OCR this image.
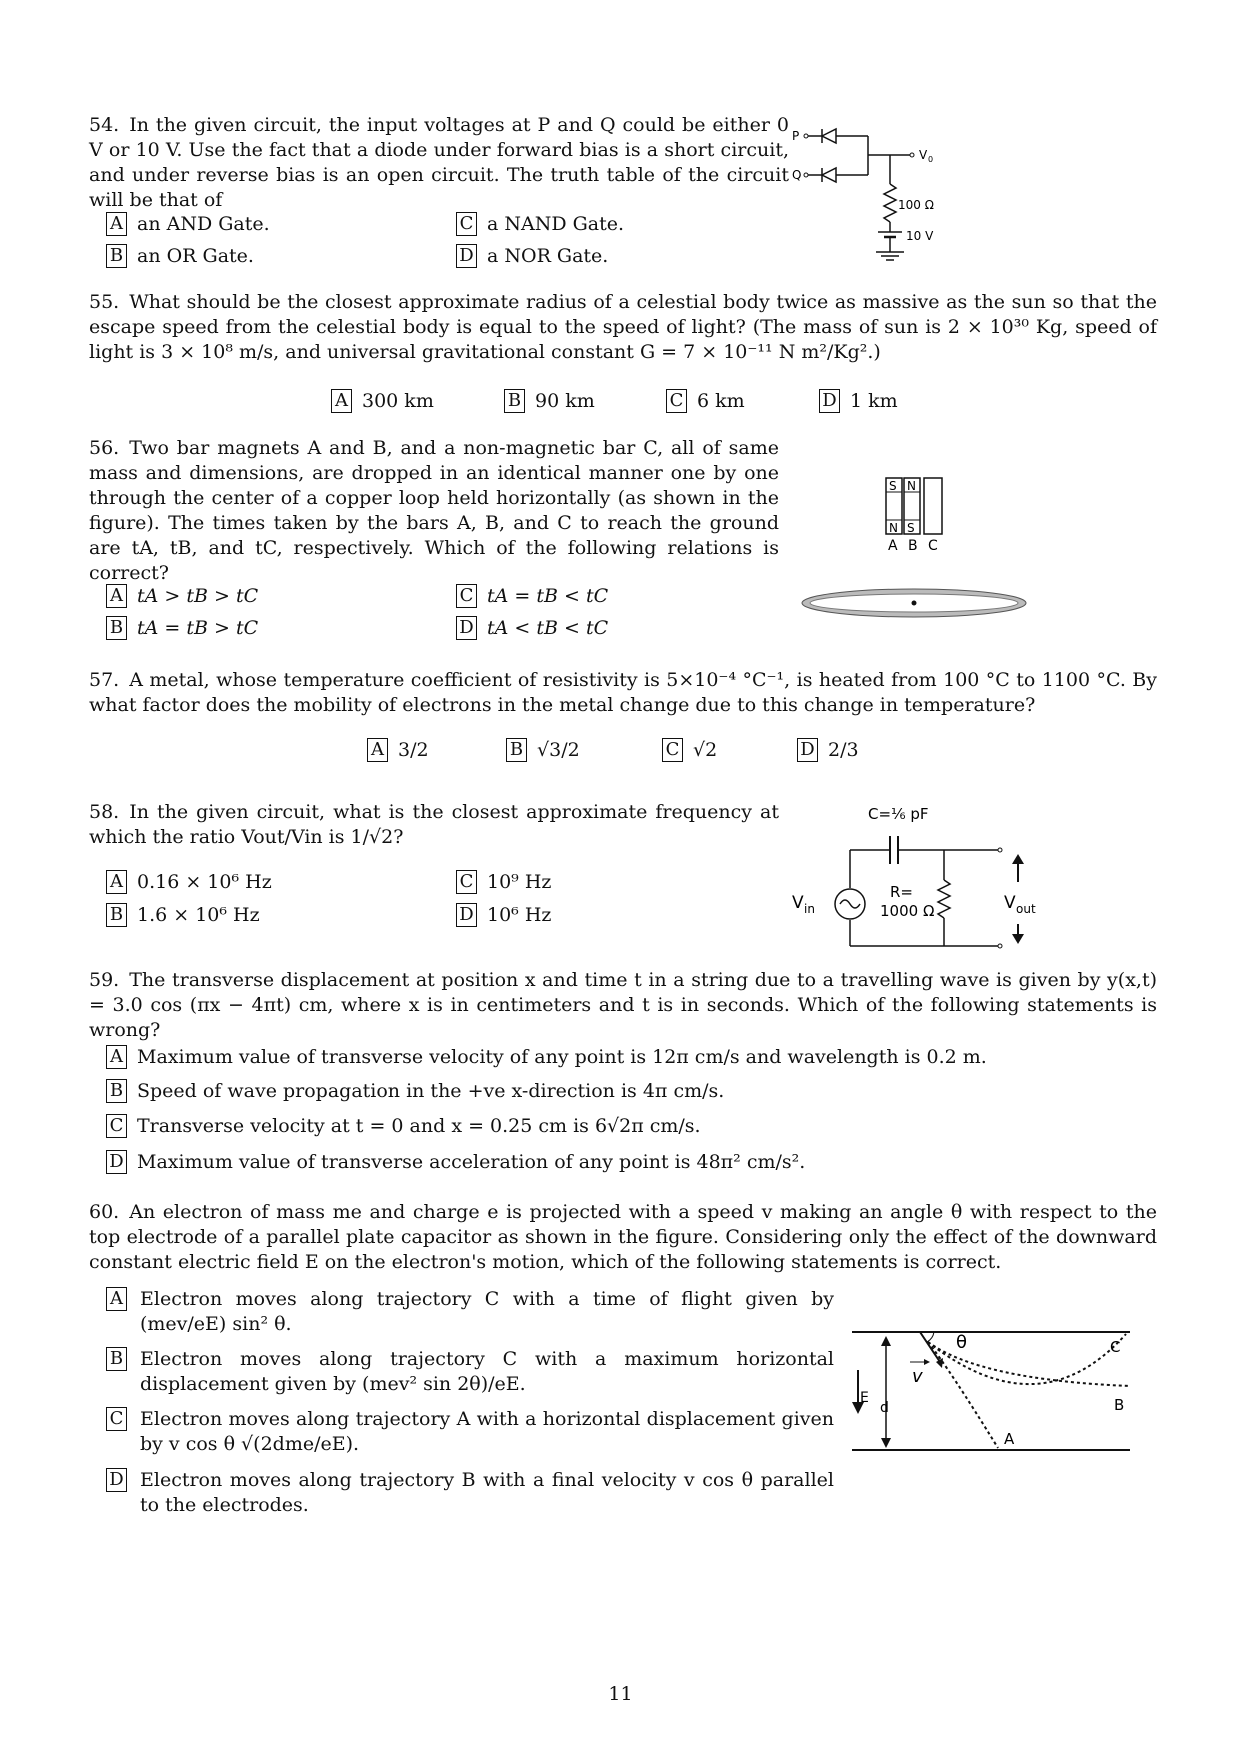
54. In the given circuit, the input voltages at P and Q could be either 0 V or 10 V. Use the fact that a diode under forward bias is a short circuit, and under reverse bias is an open circuit. The truth table of the circuit will be that of

A an AND Gate.
B an OR Gate.
C a NAND Gate.
D a NOR Gate.
P
Q
V 0
100 Ω
10 V

55. What should be the closest approximate radius of a celestial body twice as massive as the sun so that the escape speed from the celestial body is equal to the speed of light? (The mass of sun is 2 × 10³⁰ Kg, speed of light is 3 × 10⁸ m/s, and universal gravitational constant G = 7 × 10⁻¹¹ N m²/Kg².)

A 300 km	B 90 km	C 6 km	D 1 km

56. Two bar magnets A and B, and a non-magnetic bar C, all of same mass and dimensions, are dropped in an identical manner one by one through the center of a copper loop held horizontally (as shown in the figure). The times taken by the bars A, B, and C to reach the ground are tA, tB, and tC, respectively. Which of the following relations is correct?

A tA > tB > tC
B tA = tB > tC
C tA = tB < tC
D tA < tB < tC
S
N
N
S
A B C

57. A metal, whose temperature coefficient of resistivity is 5×10⁻⁴ °C⁻¹, is heated from 100 °C to 1100 °C. By what factor does the mobility of electrons in the metal change due to this change in temperature?

A 3/2	B √3/2	C √2	D 2/3

58. In the given circuit, what is the closest approximate frequency at which the ratio Vout/Vin is 1/√2?

A 0.16 × 10⁶ Hz
B 1.6 × 10⁶ Hz
C 10⁹ Hz
D 10⁶ Hz
C=⅙ pF
V in
R=
1000 Ω	V out

59. The transverse displacement at position x and time t in a string due to a travelling wave is given by y(x,t) = 3.0 cos (πx − 4πt) cm, where x is in centimeters and t is in seconds. Which of the following statements is wrong?

A Maximum value of transverse velocity of any point is 12π cm/s and wavelength is 0.2 m.
B Speed of wave propagation in the +ve x-direction is 4π cm/s.
C Transverse velocity at t = 0 and x = 0.25 cm is 6√2π cm/s.
D Maximum value of transverse acceleration of any point is 48π² cm/s².

60. An electron of mass me and charge e is projected with a speed v making an angle θ with respect to the top electrode of a parallel plate capacitor as shown in the figure. Considering only the effect of the downward constant electric field E on the electron's motion, which of the following statements is correct.

A Electron moves along trajectory C with a time of flight given by (mev/eE) sin² θ.
B Electron moves along trajectory C with a maximum horizontal displacement given by (mev² sin 2θ)/eE.
C Electron moves along trajectory A with a horizontal displacement given by v cos θ √(2dme/eE).
D Electron moves along trajectory B with a final velocity v cos θ parallel to the electrodes.
E
d
v
θ	C
B
A
11
